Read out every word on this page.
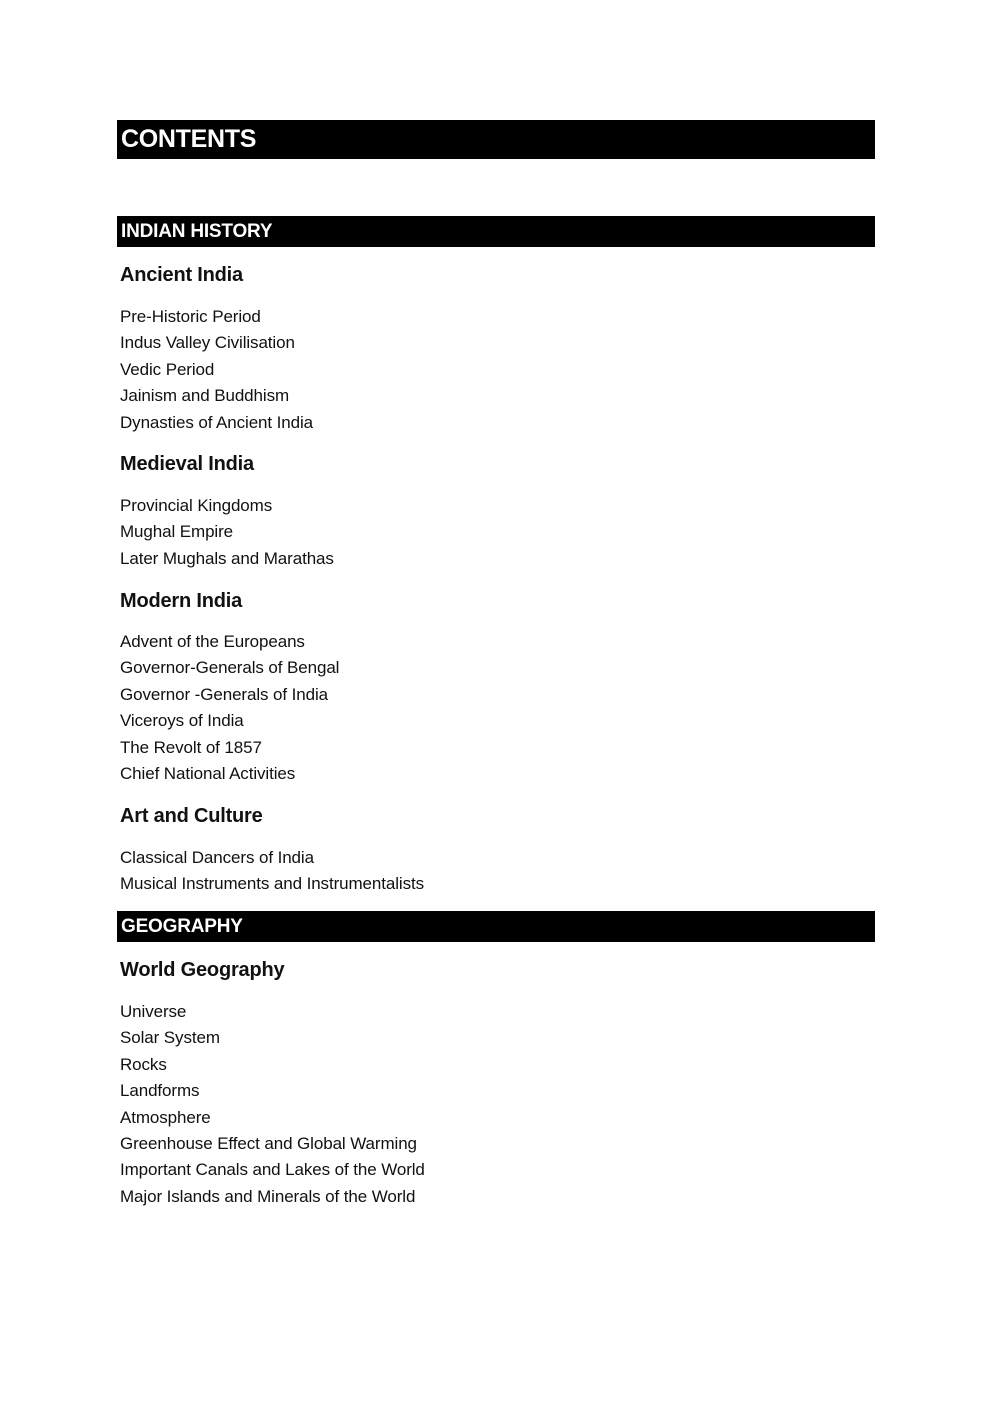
CONTENTS
INDIAN HISTORY
Ancient India
Pre-Historic Period
Indus Valley Civilisation
Vedic Period
Jainism and Buddhism
Dynasties of Ancient India
Medieval India
Provincial Kingdoms
Mughal Empire
Later Mughals and Marathas
Modern India
Advent of the Europeans
Governor-Generals of Bengal
Governor -Generals of India
Viceroys of India
The Revolt of 1857
Chief National Activities
Art and Culture
Classical Dancers of India
Musical Instruments and Instrumentalists
GEOGRAPHY
World Geography
Universe
Solar System
Rocks
Landforms
Atmosphere
Greenhouse Effect and Global Warming
Important Canals and Lakes of the World
Major Islands and Minerals of the World
